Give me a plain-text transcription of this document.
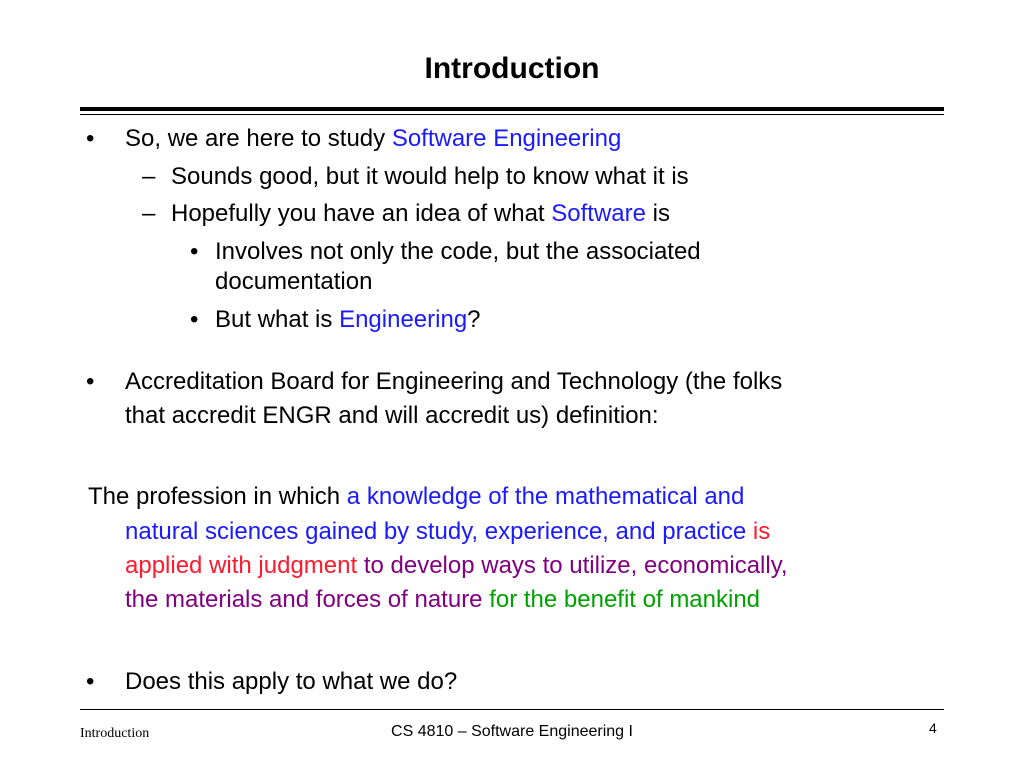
Introduction
• So, we are here to study Software Engineering
– Sounds good, but it would help to know what it is
– Hopefully you have an idea of what Software is
• Involves not only the code, but the associated
documentation
• But what is Engineering?
• Accreditation Board for Engineering and Technology (the folks
that accredit ENGR and will accredit us) definition:
The profession in which a knowledge of the mathematical and
natural sciences gained by study, experience, and practice is
applied with judgment to develop ways to utilize, economically,
the materials and forces of nature for the benefit of mankind
• Does this apply to what we do?
Introduction	CS 4810 – Software Engineering I	4
